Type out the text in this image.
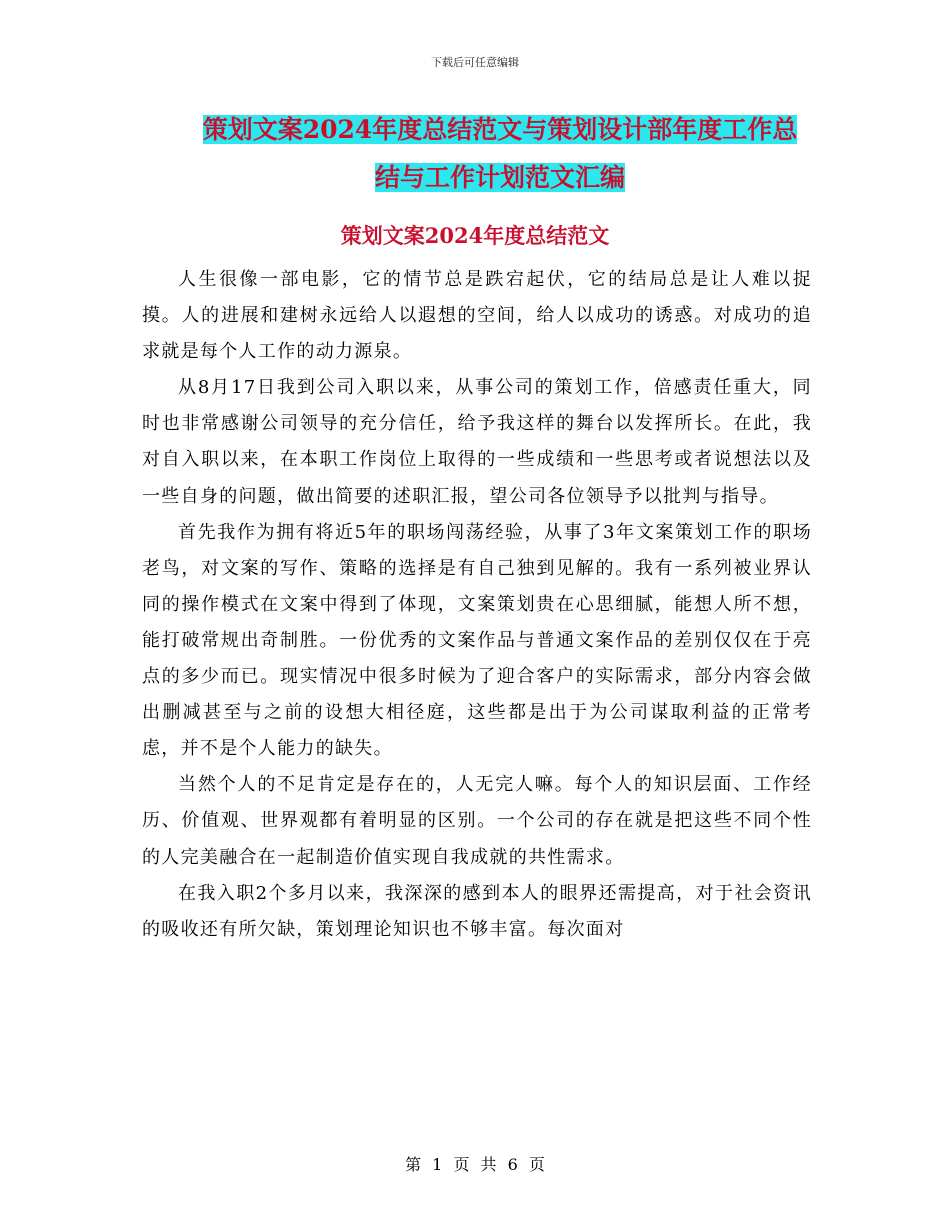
下载后可任意编辑
策划文案2024年度总结范文与策划设计部年度工作总
结与工作计划范文汇编
策划文案2024年度总结范文

人生很像一部电影，它的情节总是跌宕起伏，它的结局总是让人难以捉摸。人的进展和建树永远给人以遐想的空间，给人以成功的诱惑。对成功的追求就是每个人工作的动力源泉。

从8月17日我到公司入职以来，从事公司的策划工作，倍感责任重大，同时也非常感谢公司领导的充分信任，给予我这样的舞台以发挥所长。在此，我对自入职以来，在本职工作岗位上取得的一些成绩和一些思考或者说想法以及一些自身的问题，做出简要的述职汇报，望公司各位领导予以批判与指导。

首先我作为拥有将近5年的职场闯荡经验，从事了3年文案策划工作的职场老鸟，对文案的写作、策略的选择是有自己独到见解的。我有一系列被业界认同的操作模式在文案中得到了体现，文案策划贵在心思细腻，能想人所不想，能打破常规出奇制胜。一份优秀的文案作品与普通文案作品的差别仅仅在于亮点的多少而已。现实情况中很多时候为了迎合客户的实际需求，部分内容会做出删减甚至与之前的设想大相径庭，这些都是出于为公司谋取利益的正常考虑，并不是个人能力的缺失。

当然个人的不足肯定是存在的，人无完人嘛。每个人的知识层面、工作经历、价值观、世界观都有着明显的区别。一个公司的存在就是把这些不同个性的人完美融合在一起制造价值实现自我成就的共性需求。

在我入职2个多月以来，我深深的感到本人的眼界还需提高，对于社会资讯的吸收还有所欠缺，策划理论知识也不够丰富。每次面对

第 1 页 共 6 页
